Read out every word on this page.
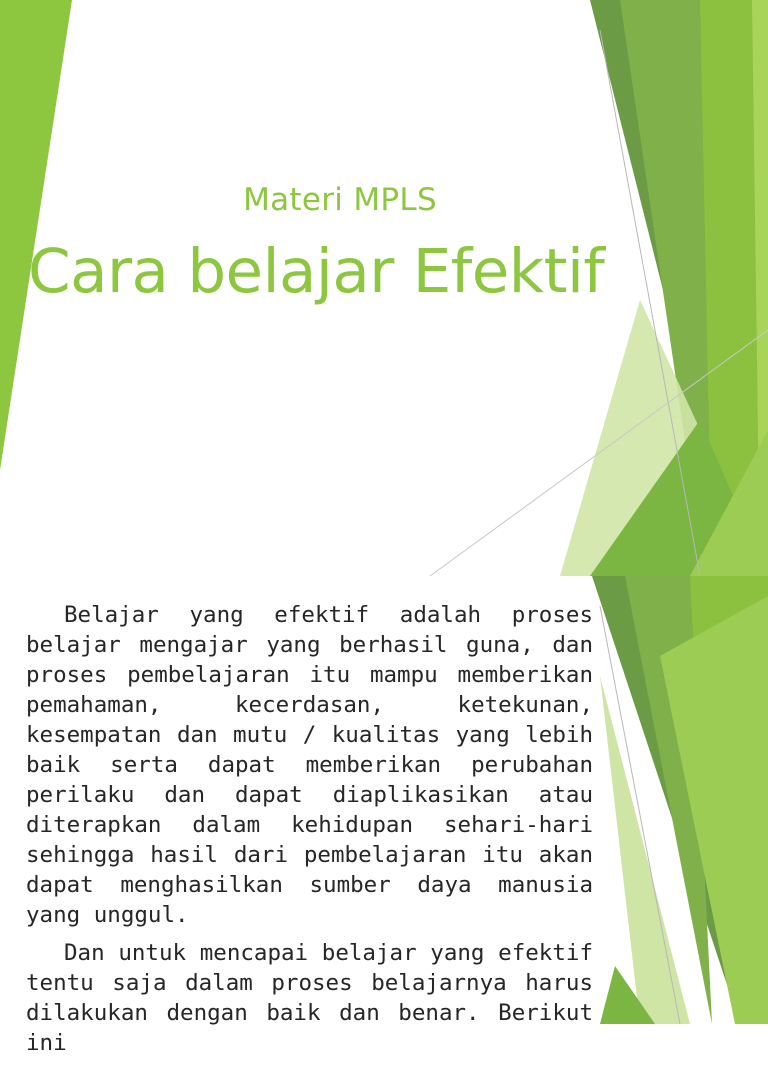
Materi MPLS
Cara belajar Efektif

Belajar yang efektif adalah proses belajar mengajar yang berhasil guna, dan proses pembelajaran itu mampu memberikan pemahaman, kecerdasan, ketekunan, kesempatan dan mutu / kualitas yang lebih baik serta dapat memberikan perubahan perilaku dan dapat diaplikasikan atau diterapkan dalam kehidupan sehari-hari sehingga hasil dari pembelajaran itu akan dapat menghasilkan sumber daya manusia yang unggul.

Dan untuk mencapai belajar yang efektif tentu saja dalam proses belajarnya harus dilakukan dengan baik dan benar. Berikut ini
